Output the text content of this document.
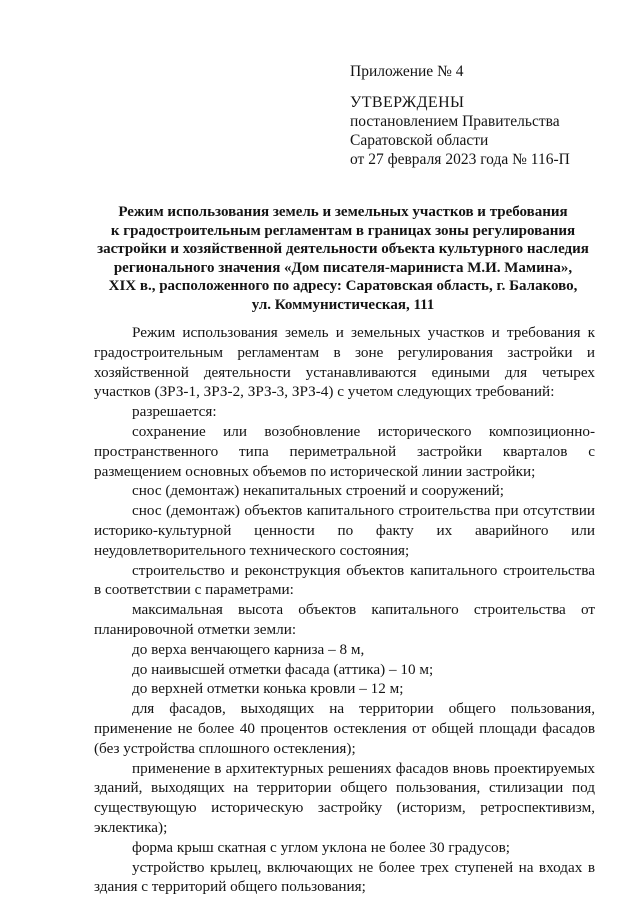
Приложение № 4
УТВЕРЖДЕНЫ
постановлением Правительства
Саратовской области
от 27 февраля 2023 года № 116-П
Режим использования земель и земельных участков и требования
к градостроительным регламентам в границах зоны регулирования
застройки и хозяйственной деятельности объекта культурного наследия
регионального значения «Дом писателя-мариниста М.И. Мамина»,
XIX в., расположенного по адресу: Саратовская область, г. Балаково,
ул. Коммунистическая, 111

Режим использования земель и земельных участков и требования к градостроительным регламентам в зоне регулирования застройки и хозяйственной деятельности устанавливаются едиными для четырех участков (ЗРЗ-1, ЗРЗ-2, ЗРЗ-3, ЗРЗ-4) с учетом следующих требований:

разрешается:

сохранение или возобновление исторического композиционно-пространственного типа периметральной застройки кварталов с размещением основных объемов по исторической линии застройки;

снос (демонтаж) некапитальных строений и сооружений;

снос (демонтаж) объектов капитального строительства при отсутствии историко-культурной ценности по факту их аварийного или неудовлетворительного технического состояния;

строительство и реконструкция объектов капитального строительства в соответствии с параметрами:

максимальная высота объектов капитального строительства от планировочной отметки земли:

до верха венчающего карниза – 8 м,

до наивысшей отметки фасада (аттика) – 10 м;

до верхней отметки конька кровли – 12 м;

для фасадов, выходящих на территории общего пользования, применение не более 40 процентов остекления от общей площади фасадов (без устройства сплошного остекления);

применение в архитектурных решениях фасадов вновь проектируемых зданий, выходящих на территории общего пользования, стилизации под существующую историческую застройку (историзм, ретроспективизм, эклектика);

форма крыш скатная с углом уклона не более 30 градусов;

устройство крылец, включающих не более трех ступеней на входах в здания с территорий общего пользования;
